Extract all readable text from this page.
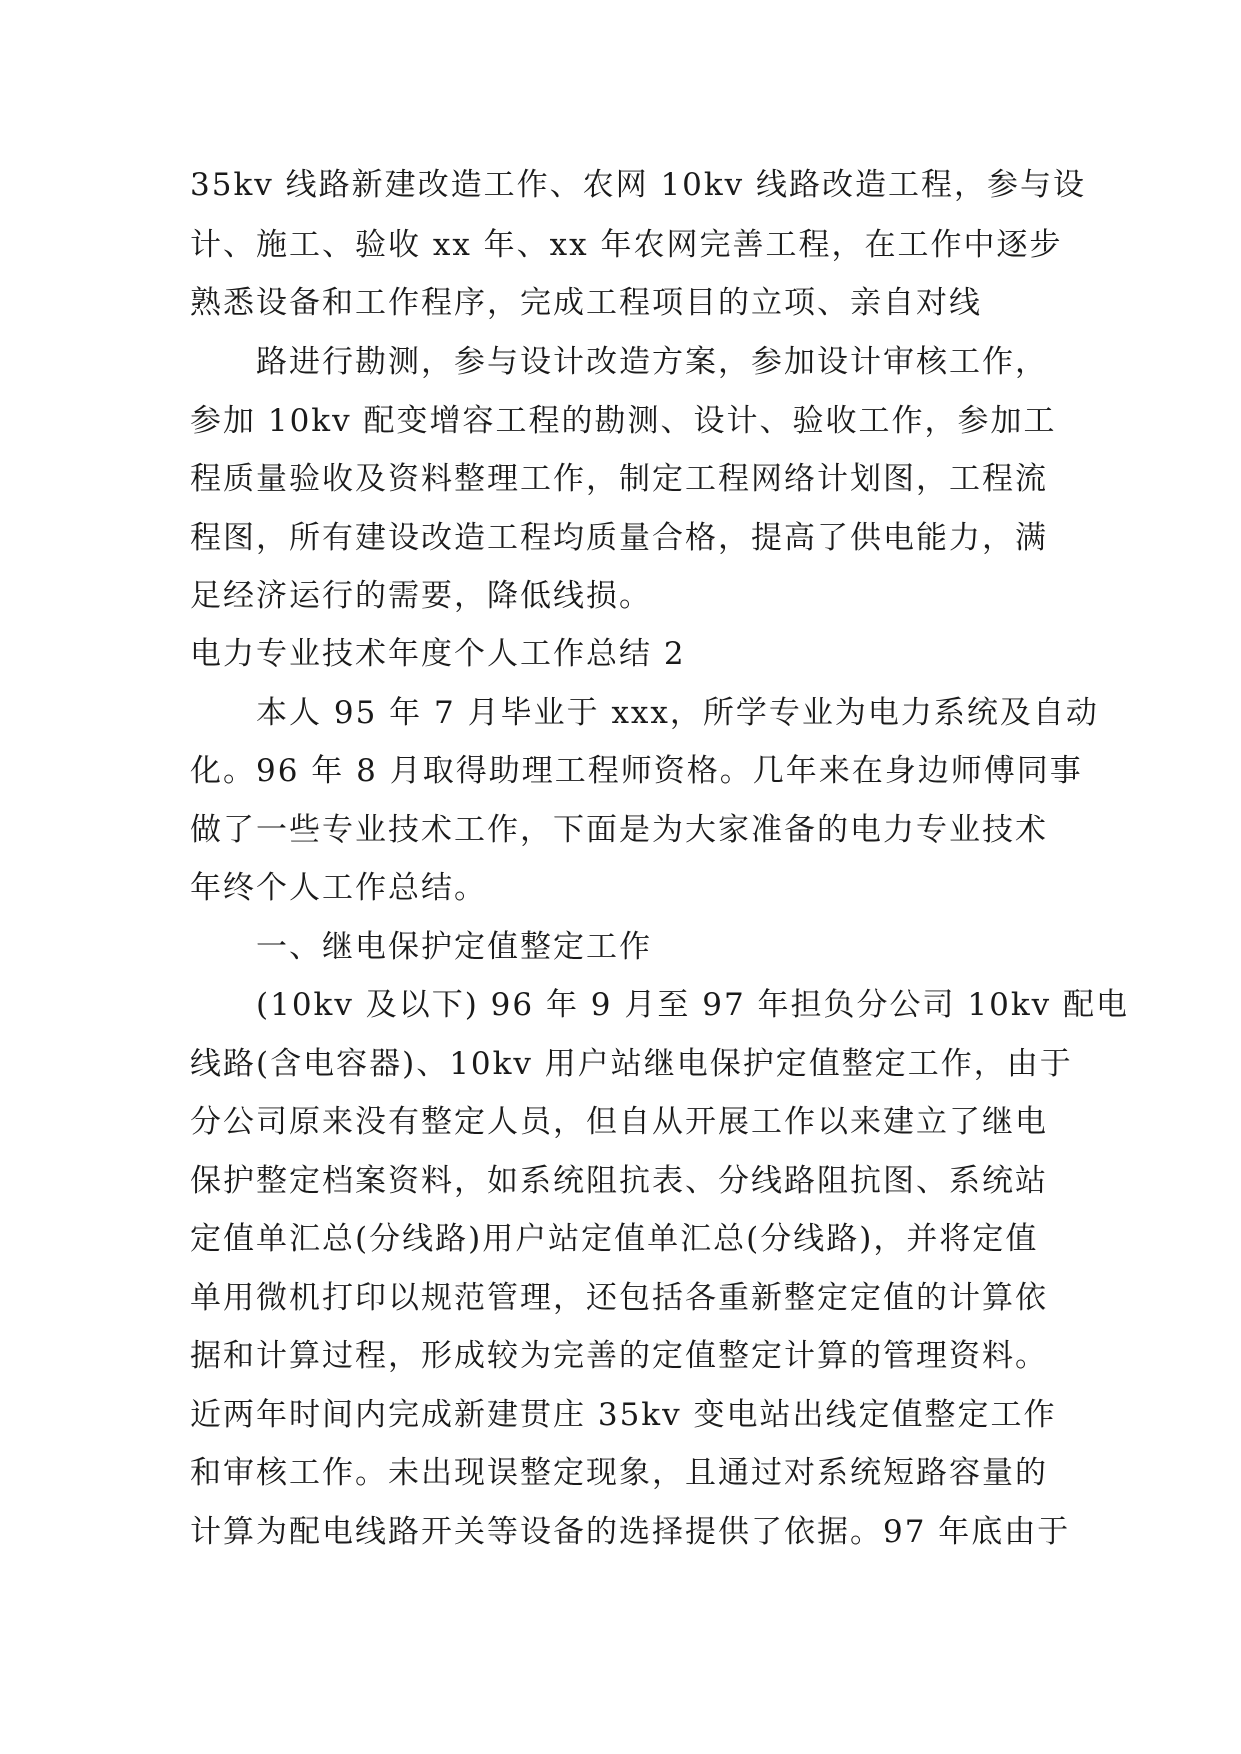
35kv 线路新建改造工作、农网 10kv 线路改造工程，参与设
计、施工、验收 xx 年、xx 年农网完善工程，在工作中逐步
熟悉设备和工作程序，完成工程项目的立项、亲自对线
路进行勘测，参与设计改造方案，参加设计审核工作，
参加 10kv 配变增容工程的勘测、设计、验收工作，参加工
程质量验收及资料整理工作，制定工程网络计划图，工程流
程图，所有建设改造工程均质量合格，提高了供电能力，满
足经济运行的需要，降低线损。
电力专业技术年度个人工作总结 2
本人 95 年 7 月毕业于 xxx，所学专业为电力系统及自动
化。96 年 8 月取得助理工程师资格。几年来在身边师傅同事
做了一些专业技术工作，下面是为大家准备的电力专业技术
年终个人工作总结。
一、继电保护定值整定工作
(10kv 及以下) 96 年 9 月至 97 年担负分公司 10kv 配电
线路(含电容器)、10kv 用户站继电保护定值整定工作，由于
分公司原来没有整定人员，但自从开展工作以来建立了继电
保护整定档案资料，如系统阻抗表、分线路阻抗图、系统站
定值单汇总(分线路)用户站定值单汇总(分线路)，并将定值
单用微机打印以规范管理，还包括各重新整定定值的计算依
据和计算过程，形成较为完善的定值整定计算的管理资料。
近两年时间内完成新建贯庄 35kv 变电站出线定值整定工作
和审核工作。未出现误整定现象，且通过对系统短路容量的
计算为配电线路开关等设备的选择提供了依据。97 年底由于
